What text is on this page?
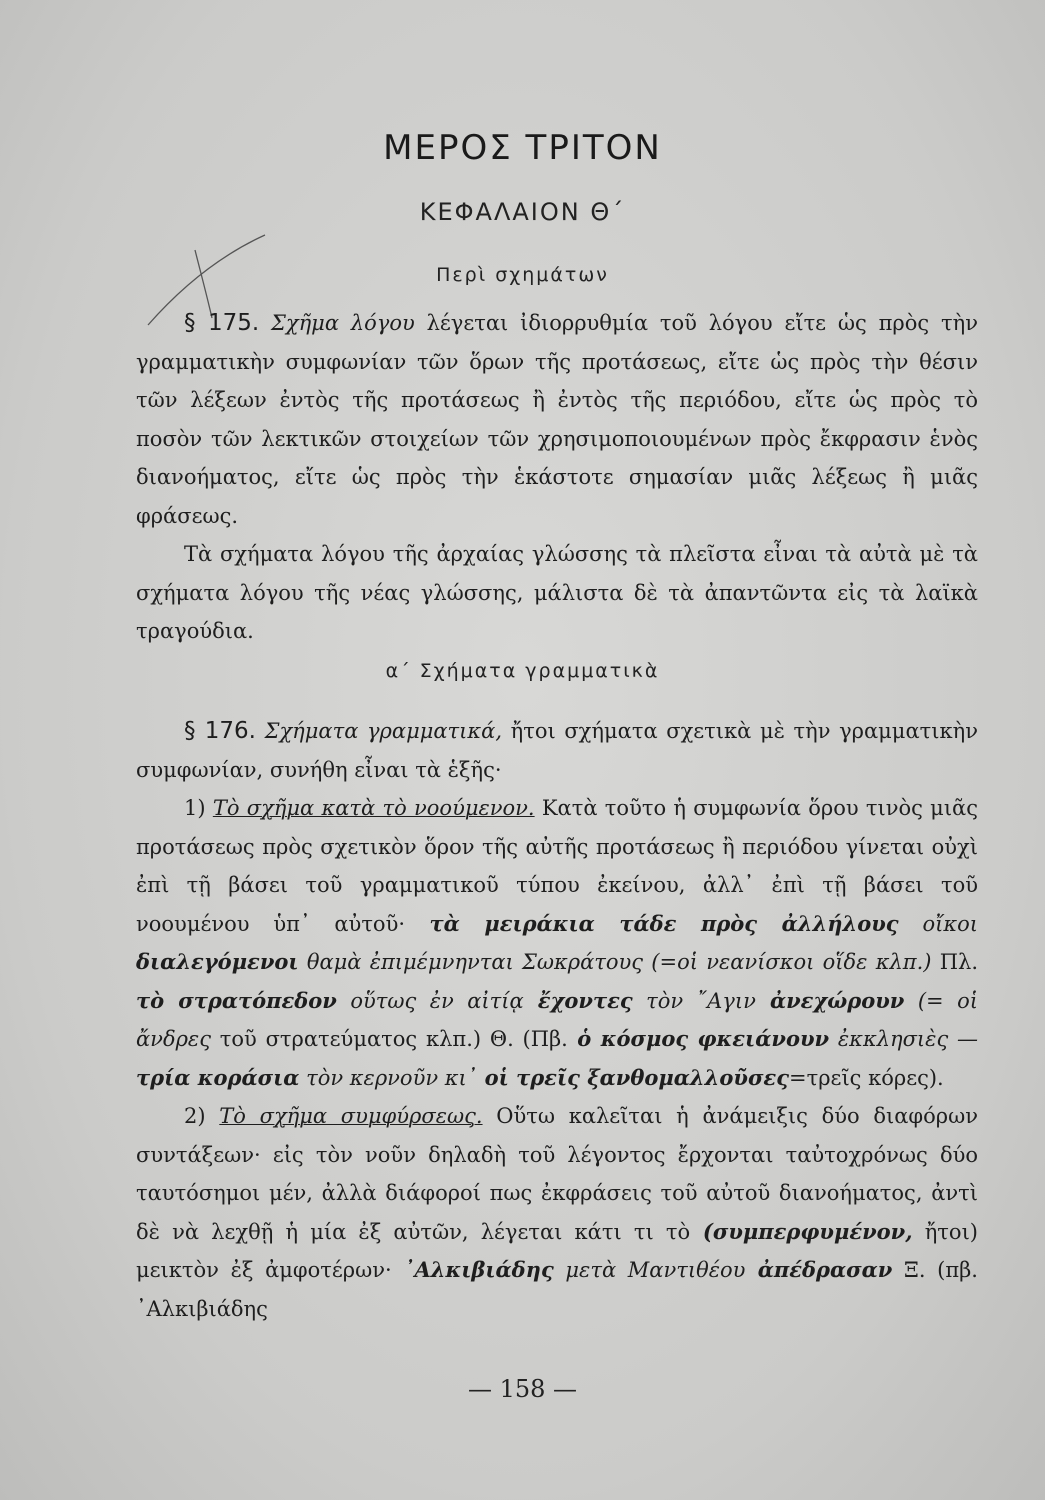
ΜΕΡΟΣ ΤΡΙΤΟΝ
ΚΕΦΑΛΑΙΟΝ Θ΄
Περὶ σχημάτων

§ 175. Σχῆμα λόγου λέγεται ἰδιορρυθμία τοῦ λόγου εἴτε ὡς πρὸς τὴν γραμματικὴν συμφωνίαν τῶν ὅρων τῆς προτάσεως, εἴτε ὡς πρὸς τὴν θέσιν τῶν λέξεων ἐντὸς τῆς προτάσεως ἢ ἐντὸς τῆς περιόδου, εἴτε ὡς πρὸς τὸ ποσὸν τῶν λεκτικῶν στοιχείων τῶν χρησιμοποιουμένων πρὸς ἔκφρασιν ἑνὸς διανοήματος, εἴτε ὡς πρὸς τὴν ἑκάστοτε σημασίαν μιᾶς λέξεως ἢ μιᾶς φράσεως.

Τὰ σχήματα λόγου τῆς ἀρχαίας γλώσσης τὰ πλεῖστα εἶναι τὰ αὐτὰ μὲ τὰ σχήματα λόγου τῆς νέας γλώσσης, μάλιστα δὲ τὰ ἀπαντῶντα εἰς τὰ λαϊκὰ τραγούδια.

α΄ Σχήματα γραμματικὰ

§ 176. Σχήματα γραμματικά, ἤτοι σχήματα σχετικὰ μὲ τὴν γραμματικὴν συμφωνίαν, συνήθη εἶναι τὰ ἑξῆς·

1) Τὸ σχῆμα κατὰ τὸ νοούμενον. Κατὰ τοῦτο ἡ συμφωνία ὅρου τινὸς μιᾶς προτάσεως πρὸς σχετικὸν ὅρον τῆς αὐτῆς προτάσεως ἢ περιόδου γίνεται οὐχὶ ἐπὶ τῇ βάσει τοῦ γραμματικοῦ τύπου ἐκείνου, ἀλλ᾽ ἐπὶ τῇ βάσει τοῦ νοουμένου ὑπ᾽ αὐτοῦ· τὰ μειράκια τάδε πρὸς ἀλλήλους οἴκοι διαλεγόμενοι θαμὰ ἐπιμέμνηνται Σωκράτους (=οἱ νεανίσκοι οἵδε κλπ.) Πλ. τὸ στρατόπεδον οὕτως ἐν αἰτίᾳ ἔχοντες τὸν ῎Αγιν ἀνεχώρουν (= οἱ ἄνδρες τοῦ στρατεύματος κλπ.) Θ. (Πβ. ὁ κόσμος φκειάνουν ἐκκλησιὲς — τρία κοράσια τὸν κερνοῦν κι᾽ οἱ τρεῖς ξανθομαλλοῦσες=τρεῖς κόρες).

2) Τὸ σχῆμα συμφύρσεως. Οὕτω καλεῖται ἡ ἀνάμειξις δύο διαφόρων συντάξεων· εἰς τὸν νοῦν δηλαδὴ τοῦ λέγοντος ἔρχονται ταὐτοχρόνως δύο ταυτόσημοι μέν, ἀλλὰ διάφοροί πως ἐκφράσεις τοῦ αὐτοῦ διανοήματος, ἀντὶ δὲ νὰ λεχθῇ ἡ μία ἐξ αὐτῶν, λέγεται κάτι τι τὸ (συμπερφυμένον, ἤτοι) μεικτὸν ἐξ ἀμφοτέρων· ᾽Αλκιβιάδης μετὰ Μαντιθέου ἀπέδρασαν Ξ. (πβ. ᾽Αλκιβιάδης

— 158 —
